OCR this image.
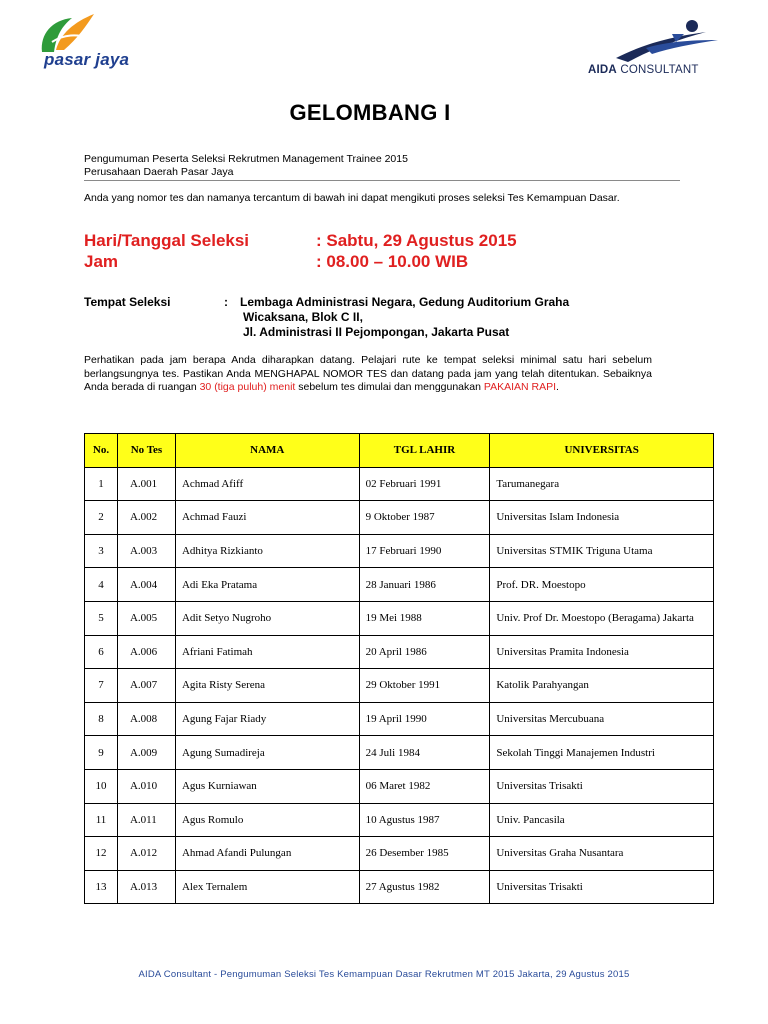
pasar jaya
AIDA CONSULTANT
GELOMBANG I
Pengumuman Peserta Seleksi Rekrutmen Management Trainee 2015
Perusahaan Daerah Pasar Jaya
Anda yang nomor tes dan namanya tercantum di bawah ini dapat mengikuti proses seleksi Tes Kemampuan Dasar.
Hari/Tanggal Seleksi	: Sabtu, 29 Agustus 2015
Jam	: 08.00 – 10.00 WIB
Tempat Seleksi	: Lembaga Administrasi Negara, Gedung Auditorium Graha
Wicaksana, Blok C II,
Jl. Administrasi II Pejompongan, Jakarta Pusat
Perhatikan pada jam berapa Anda diharapkan datang. Pelajari rute ke tempat seleksi minimal satu hari sebelum berlangsungnya tes. Pastikan Anda MENGHAPAL NOMOR TES dan datang pada jam yang telah ditentukan. Sebaiknya Anda berada di ruangan 30 (tiga puluh) menit sebelum tes dimulai dan menggunakan PAKAIAN RAPI.
No.	No Tes	NAMA	TGL LAHIR	UNIVERSITAS
1	A.001	Achmad Afiff	02 Februari 1991	Tarumanegara
2	A.002	Achmad Fauzi	9 Oktober 1987	Universitas Islam Indonesia
3	A.003	Adhitya Rizkianto	17 Februari 1990	Universitas STMIK Triguna Utama
4	A.004	Adi Eka Pratama	28 Januari 1986	Prof. DR. Moestopo
5	A.005	Adit Setyo Nugroho	19 Mei 1988	Univ. Prof Dr. Moestopo (Beragama) Jakarta
6	A.006	Afriani Fatimah	20 April 1986	Universitas Pramita Indonesia
7	A.007	Agita Risty Serena	29 Oktober 1991	Katolik Parahyangan
8	A.008	Agung Fajar Riady	19 April 1990	Universitas Mercubuana
9	A.009	Agung Sumadireja	24 Juli 1984	Sekolah Tinggi Manajemen Industri
10	A.010	Agus Kurniawan	06 Maret 1982	Universitas Trisakti
11	A.011	Agus Romulo	10 Agustus 1987	Univ. Pancasila
12	A.012	Ahmad Afandi Pulungan	26 Desember 1985	Universitas Graha Nusantara
13	A.013	Alex Ternalem	27 Agustus 1982	Universitas Trisakti
AIDA Consultant - Pengumuman Seleksi Tes Kemampuan Dasar Rekrutmen MT 2015 Jakarta, 29 Agustus 2015
